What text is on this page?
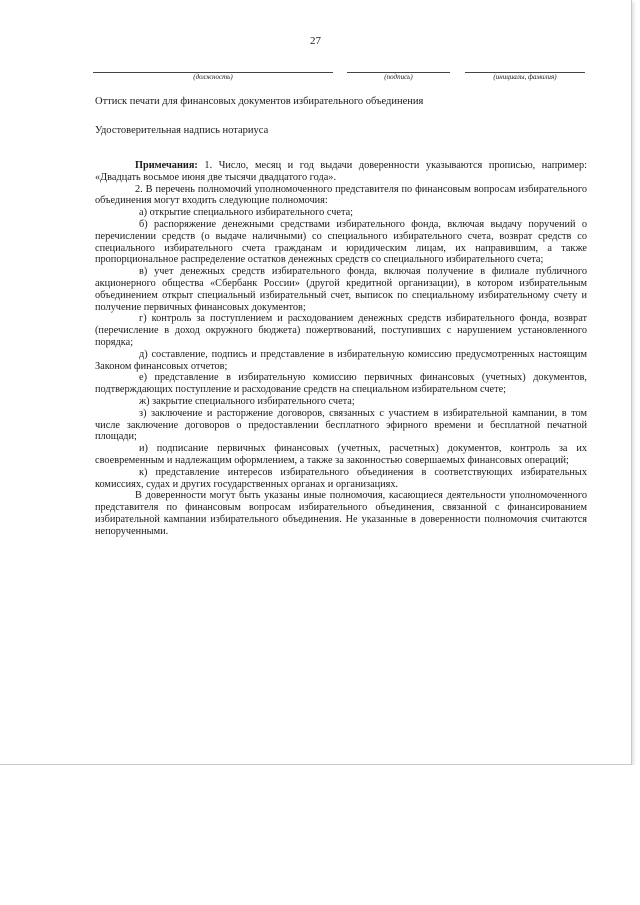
27
(должность)	(подпись)	(инициалы, фамилия)
Оттиск печати для финансовых документов избирательного объединения
Удостоверительная надпись нотариуса

Примечания: 1. Число, месяц и год выдачи доверенности указываются прописью, например: «Двадцать восьмое июня две тысячи двадцатого года».

2. В перечень полномочий уполномоченного представителя по финансовым вопросам избирательного объединения могут входить следующие полномочия:

а) открытие специального избирательного счета;

б) распоряжение денежными средствами избирательного фонда, включая выдачу поручений о перечислении средств (о выдаче наличными) со специального избирательного счета, возврат средств со специального избирательного счета гражданам и юридическим лицам, их направившим, а также пропорциональное распределение остатков денежных средств со специального избирательного счета;

в) учет денежных средств избирательного фонда, включая получение в филиале публичного акционерного общества «Сбербанк России» (другой кредитной организации), в котором избирательным объединением открыт специальный избирательный счет, выписок по специальному избирательному счету и получение первичных финансовых документов;

г) контроль за поступлением и расходованием денежных средств избирательного фонда, возврат (перечисление в доход окружного бюджета) пожертвований, поступивших с нарушением установленного порядка;

д) составление, подпись и представление в избирательную комиссию предусмотренных настоящим Законом финансовых отчетов;

е) представление в избирательную комиссию первичных финансовых (учетных) документов, подтверждающих поступление и расходование средств на специальном избирательном счете;

ж) закрытие специального избирательного счета;

з) заключение и расторжение договоров, связанных с участием в избирательной кампании, в том числе заключение договоров о предоставлении бесплатного эфирного времени и бесплатной печатной площади;

и) подписание первичных финансовых (учетных, расчетных) документов, контроль за их своевременным и надлежащим оформлением, а также за законностью совершаемых финансовых операций;

к) представление интересов избирательного объединения в соответствующих избирательных комиссиях, судах и других государственных органах и организациях.

В доверенности могут быть указаны иные полномочия, касающиеся деятельности уполномоченного представителя по финансовым вопросам избирательного объединения, связанной с финансированием избирательной кампании избирательного объединения. Не указанные в доверенности полномочия считаются непорученными.
